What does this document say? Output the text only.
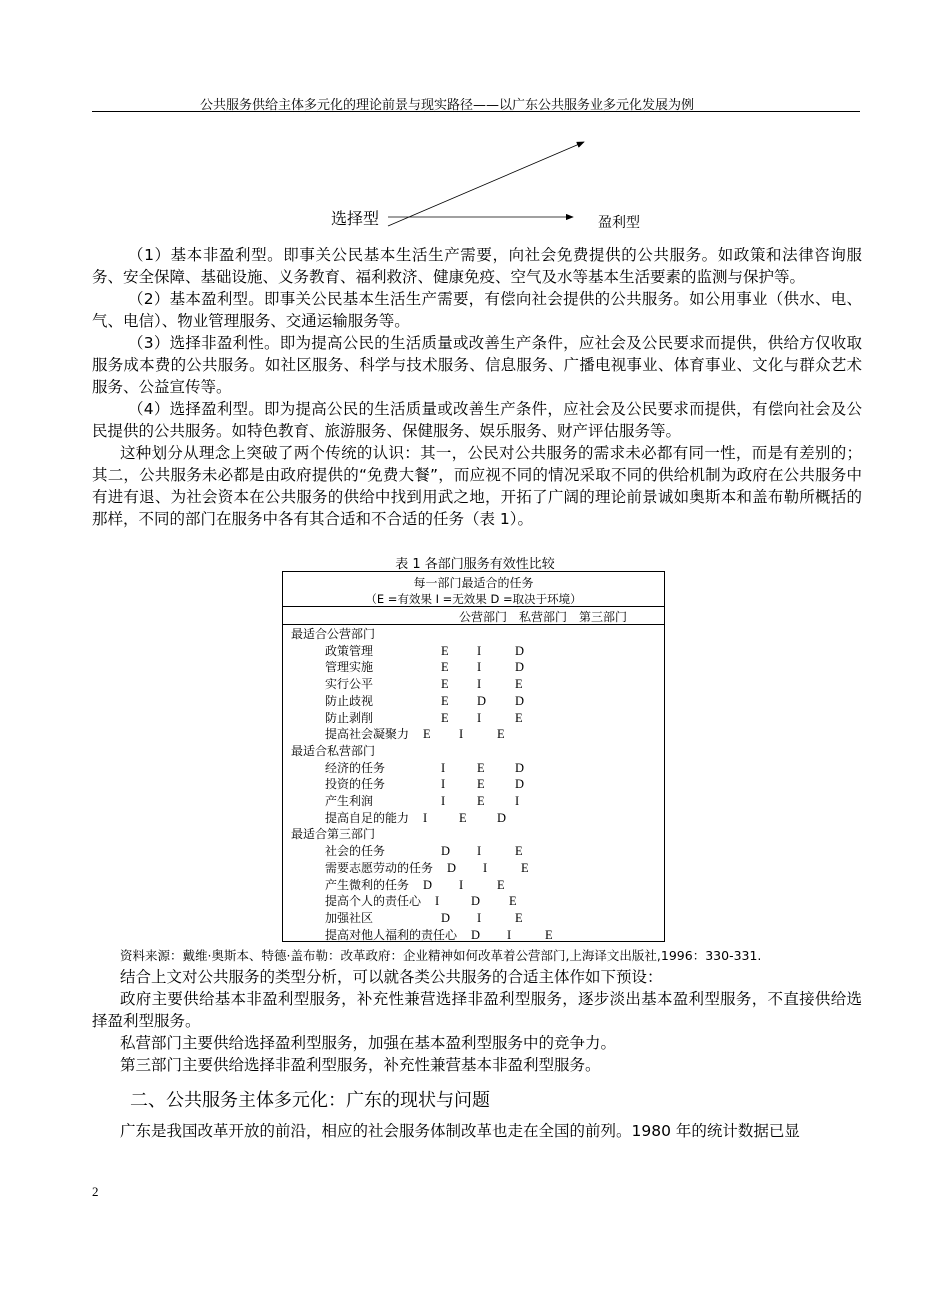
公共服务供给主体多元化的理论前景与现实路径——以广东公共服务业多元化发展为例
选择型	盈利型

（1）基本非盈利型。即事关公民基本生活生产需要，向社会免费提供的公共服务。如政策和法律咨询服务、安全保障、基础设施、义务教育、福利救济、健康免疫、空气及水等基本生活要素的监测与保护等。

（2）基本盈利型。即事关公民基本生活生产需要，有偿向社会提供的公共服务。如公用事业（供水、电、气、电信）、物业管理服务、交通运输服务等。

（3）选择非盈利性。即为提高公民的生活质量或改善生产条件，应社会及公民要求而提供，供给方仅收取服务成本费的公共服务。如社区服务、科学与技术服务、信息服务、广播电视事业、体育事业、文化与群众艺术服务、公益宣传等。

（4）选择盈利型。即为提高公民的生活质量或改善生产条件，应社会及公民要求而提供，有偿向社会及公民提供的公共服务。如特色教育、旅游服务、保健服务、娱乐服务、财产评估服务等。

这种划分从理念上突破了两个传统的认识：其一，公民对公共服务的需求未必都有同一性，而是有差别的；其二，公共服务未必都是由政府提供的“免费大餐”，而应视不同的情况采取不同的供给机制为政府在公共服务中有进有退、为社会资本在公共服务的供给中找到用武之地，开拓了广阔的理论前景诚如奥斯本和盖布勒所概括的那样，不同的部门在服务中各有其合适和不合适的任务（表 1）。

表 1 各部门服务有效性比较
每一部门最适合的任务
（E =有效果 I =无效果 D =取决于环境）
公营部门 私营部门 第三部门
最适合公营部门
政策管理	E I	D
管理实施	E I	D
实行公平	E I	E
防止歧视	E D D
防止剥削	E I	E
提高社会凝聚力 E I	E
最适合私营部门
经济的任务	I	E D
投资的任务	I	E D
产生利润	I	E I
提高自足的能力 I	E D
最适合第三部门
社会的任务	D I	E
需要志愿劳动的任务 D I	E
产生微利的任务 D I	E
提高个人的责任心 I	D E
加强社区	D I	E
提高对他人福利的责任心 D I	E
资料来源：戴维·奥斯本、特德·盖布勒：改革政府：企业精神如何改革着公营部门,上海译文出版社,1996：330-331.

结合上文对公共服务的类型分析，可以就各类公共服务的合适主体作如下预设：

政府主要供给基本非盈利型服务，补充性兼营选择非盈利型服务，逐步淡出基本盈利型服务，不直接供给选择盈利型服务。

私营部门主要供给选择盈利型服务，加强在基本盈利型服务中的竞争力。

第三部门主要供给选择非盈利型服务，补充性兼营基本非盈利型服务。

二、公共服务主体多元化：广东的现状与问题

广东是我国改革开放的前沿，相应的社会服务体制改革也走在全国的前列。1980 年的统计数据已显

2
